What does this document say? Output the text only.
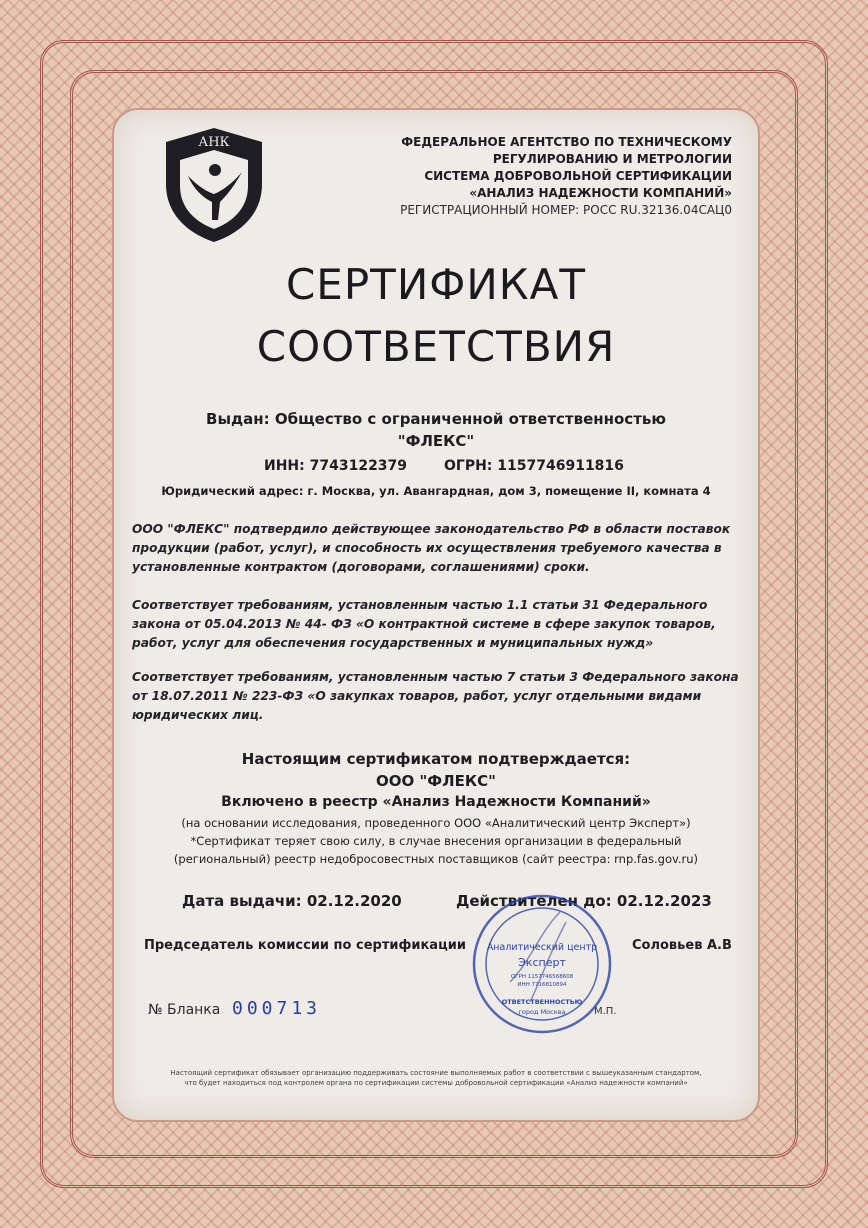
АНК	ФЕДЕРАЛЬНОЕ АГЕНТСТВО ПО ТЕХНИЧЕСКОМУ
РЕГУЛИРОВАНИЮ И МЕТРОЛОГИИ
СИСТЕМА ДОБРОВОЛЬНОЙ СЕРТИФИКАЦИИ
«АНАЛИЗ НАДЕЖНОСТИ КОМПАНИЙ»
РЕГИСТРАЦИОННЫЙ НОМЕР: РОСС RU.32136.04САЦ0
СЕРТИФИКАТ
СООТВЕТСТВИЯ
Выдан: Общество с ограниченной ответственностью
"ФЛЕКС"
ИНН: 7743122379	ОГРН: 1157746911816
Юридический адрес: г. Москва, ул. Авангардная, дом 3, помещение II, комната 4
ООО "ФЛЕКС" подтвердило действующее законодательство РФ в области поставок продукции (работ, услуг), и способность их осуществления требуемого качества в установленные контрактом (договорами, соглашениями) сроки.
Соответствует требованиям, установленным частью 1.1 статьи 31 Федерального закона от 05.04.2013 № 44- ФЗ «О контрактной системе в сфере закупок товаров, работ, услуг для обеспечения государственных и муниципальных нужд»
Соответствует требованиям, установленным частью 7 статьи 3 Федерального закона от 18.07.2011 № 223-ФЗ «О закупках товаров, работ, услуг отдельными видами юридических лиц.
Настоящим сертификатом подтверждается:
ООО "ФЛЕКС"
Включено в реестр «Анализ Надежности Компаний»
(на основании исследования, проведенного ООО «Аналитический центр Эксперт»)
*Сертификат теряет свою силу, в случае внесения организации в федеральный
(региональный) реестр недобросовестных поставщиков (сайт реестра: rnp.fas.gov.ru)
Дата выдачи: 02.12.2020	Действителен до: 02.12.2023
Председатель комиссии по сертификации	Соловьев А.В
Аналитический центр
Эксперт
ОГРН 1157746568608
ИНН 7716810894
ОТВЕТСТВЕННОСТЬЮ
город Москва	М.П.
№ Бланка 000713
Настоящий сертификат обязывает организацию поддерживать состояние выполняемых работ в соответствии с вышеуказанным стандартом,
что будет находиться под контролем органа по сертификации системы добровольной сертификации «Анализ надежности компаний»
